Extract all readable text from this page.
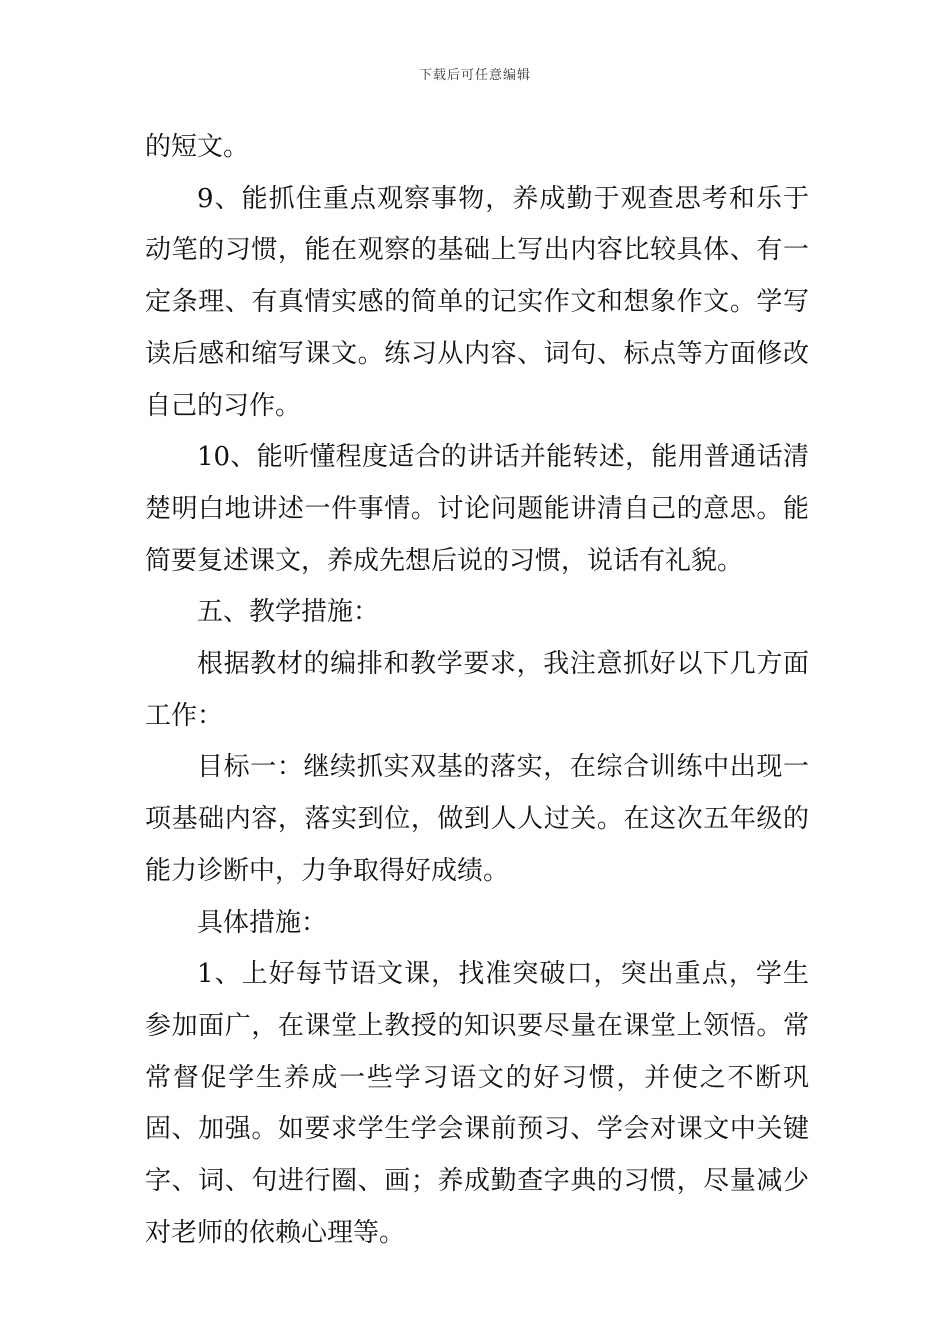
下载后可任意编辑

的短文。

9、能抓住重点观察事物，养成勤于观查思考和乐于动笔的习惯，能在观察的基础上写出内容比较具体、有一定条理、有真情实感的简单的记实作文和想象作文。学写读后感和缩写课文。练习从内容、词句、标点等方面修改自己的习作。

10、能听懂程度适合的讲话并能转述，能用普通话清楚明白地讲述一件事情。讨论问题能讲清自己的意思。能简要复述课文，养成先想后说的习惯，说话有礼貌。

五、教学措施：

根据教材的编排和教学要求，我注意抓好以下几方面工作：

目标一：继续抓实双基的落实，在综合训练中出现一项基础内容，落实到位，做到人人过关。在这次五年级的能力诊断中，力争取得好成绩。

具体措施：

1、上好每节语文课，找准突破口，突出重点，学生参加面广，在课堂上教授的知识要尽量在课堂上领悟。常常督促学生养成一些学习语文的好习惯，并使之不断巩固、加强。如要求学生学会课前预习、学会对课文中关键字、词、句进行圈、画；养成勤查字典的习惯，尽量减少对老师的依赖心理等。
